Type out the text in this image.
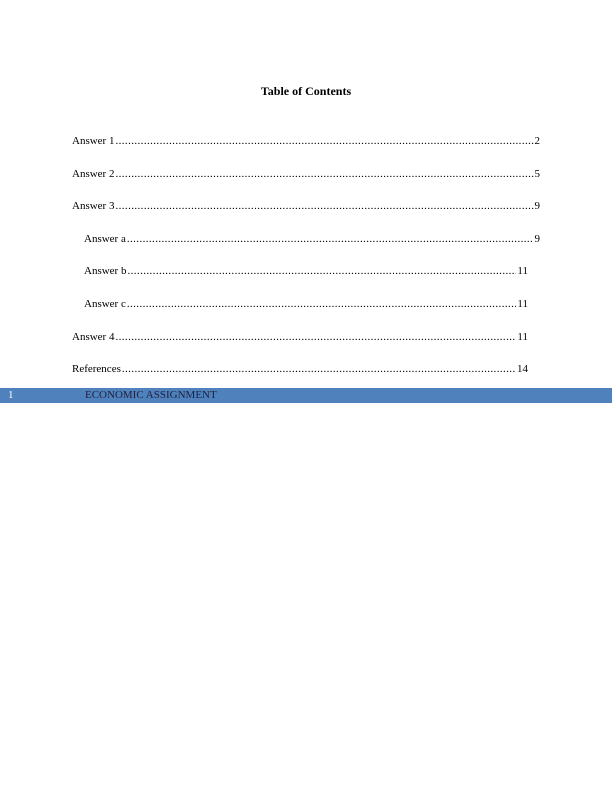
Table of Contents
Answer 1 .....	2
Answer 2 .....	5
Answer 3 .....	9
Answer a .....	9
Answer b .....	11
Answer c .....	11
Answer 4 .....	11
References .....	14
1	ECONOMIC ASSIGNMENT
